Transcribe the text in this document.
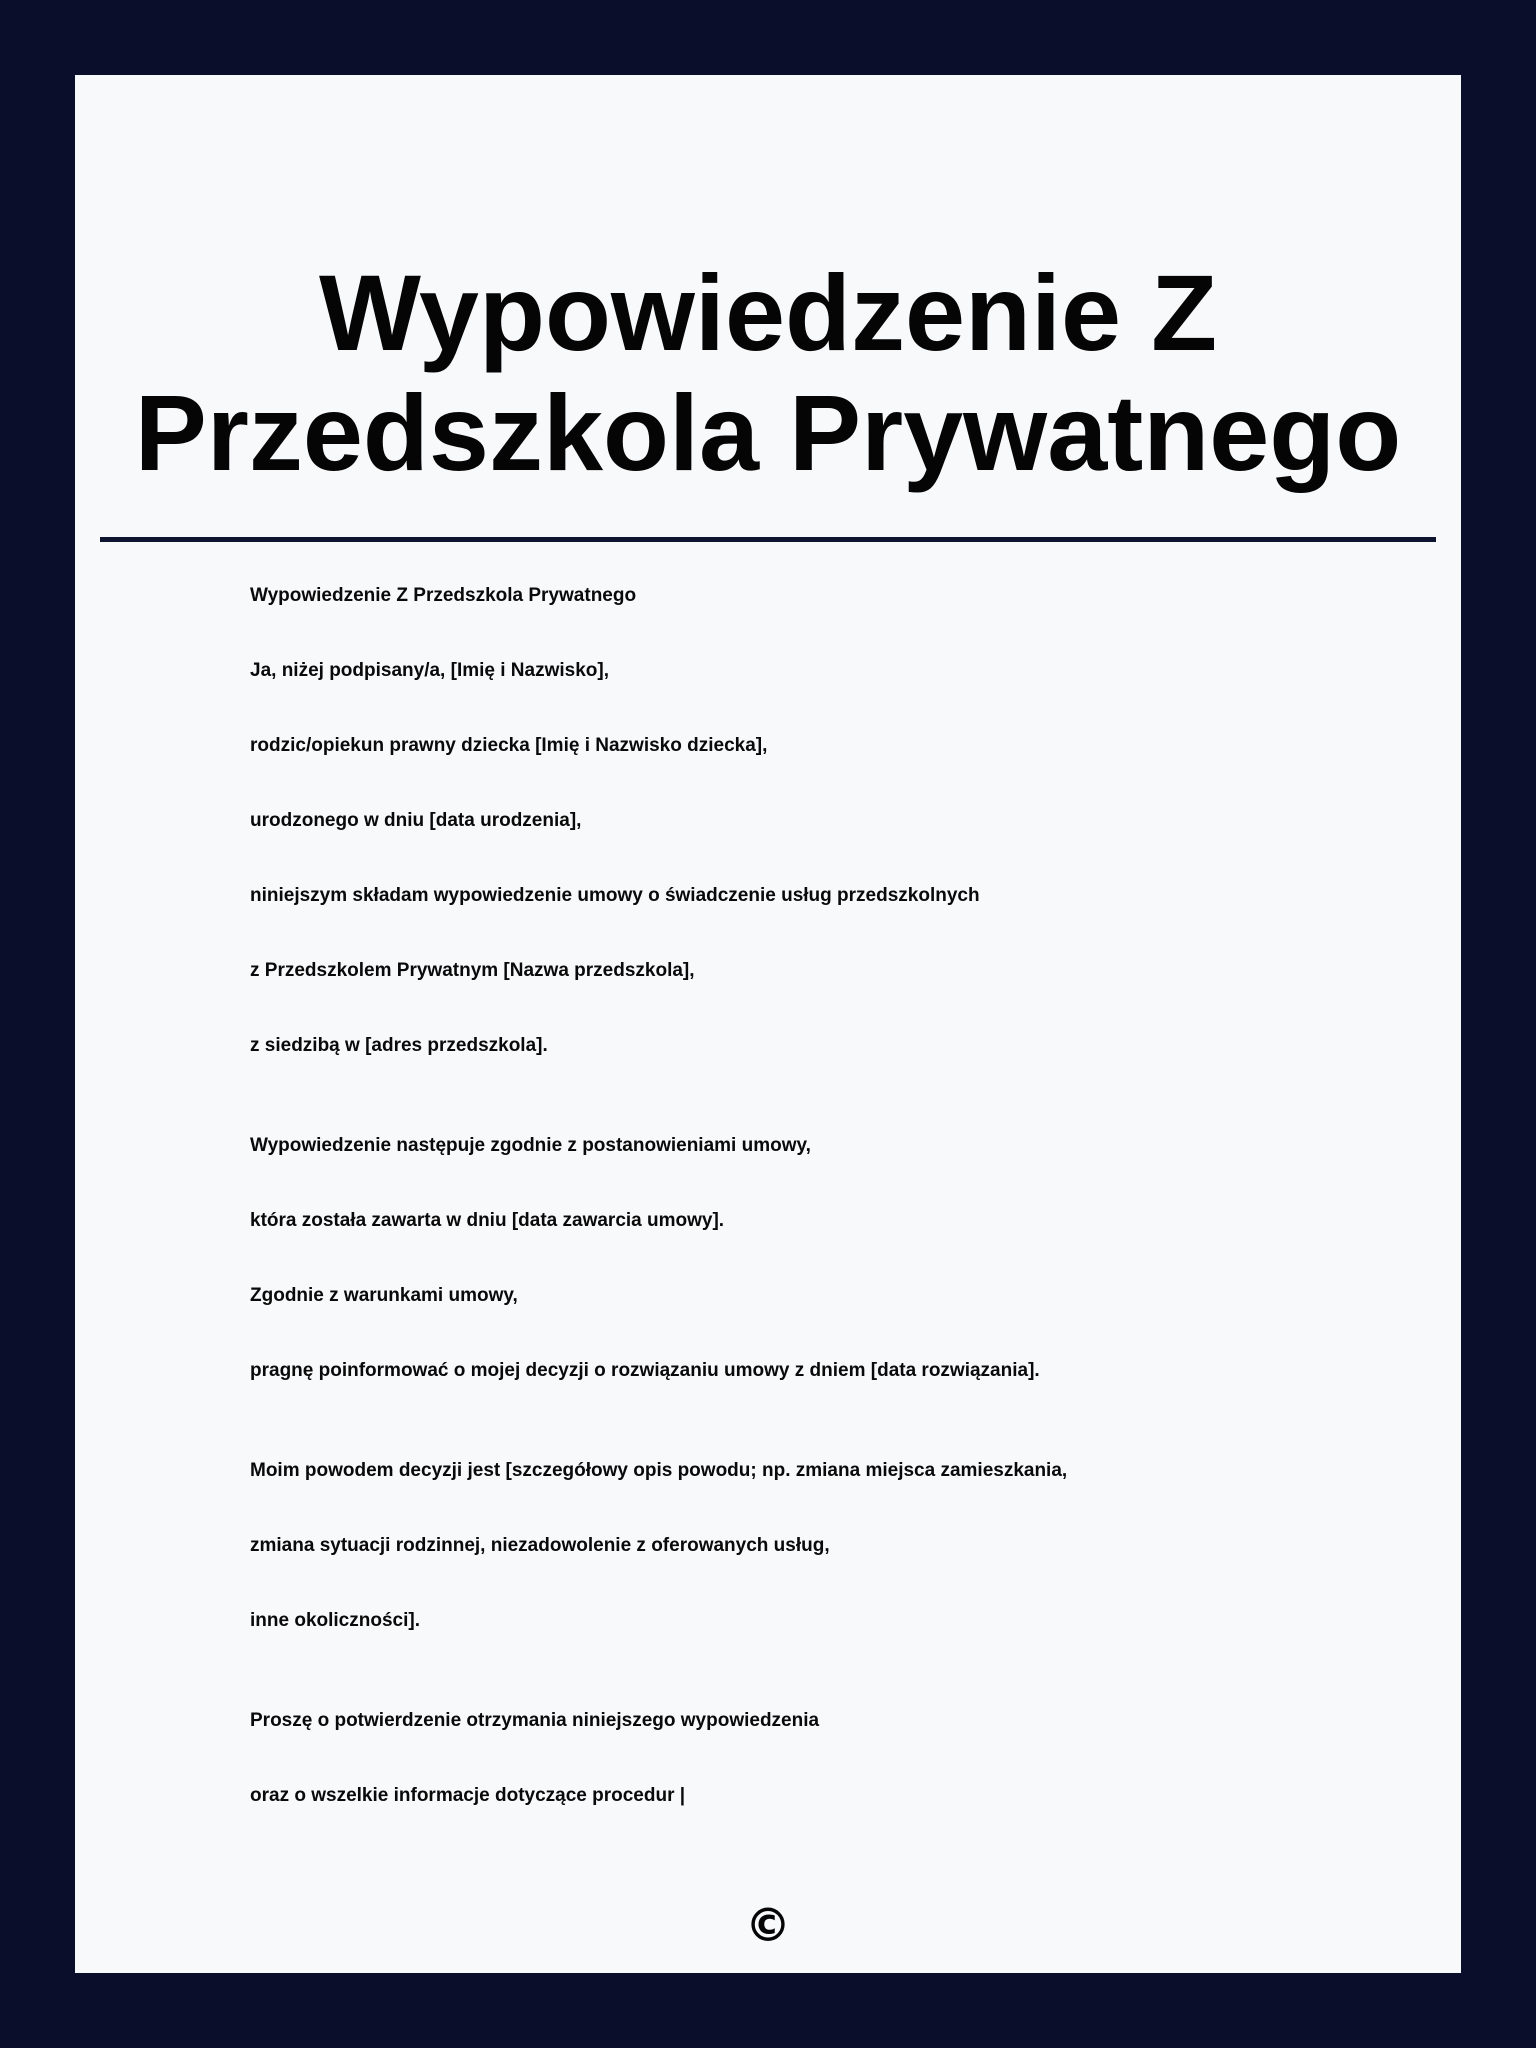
Wypowiedzenie Z
Przedszkola Prywatnego
Wypowiedzenie Z Przedszkola Prywatnego
Ja, niżej podpisany/a, [Imię i Nazwisko],
rodzic/opiekun prawny dziecka [Imię i Nazwisko dziecka],
urodzonego w dniu [data urodzenia],
niniejszym składam wypowiedzenie umowy o świadczenie usług przedszkolnych
z Przedszkolem Prywatnym [Nazwa przedszkola],
z siedzibą w [adres przedszkola].
Wypowiedzenie następuje zgodnie z postanowieniami umowy,
która została zawarta w dniu [data zawarcia umowy].
Zgodnie z warunkami umowy,
pragnę poinformować o mojej decyzji o rozwiązaniu umowy z dniem [data rozwiązania].
Moim powodem decyzji jest [szczegółowy opis powodu; np. zmiana miejsca zamieszkania,
zmiana sytuacji rodzinnej, niezadowolenie z oferowanych usług,
inne okoliczności].
Proszę o potwierdzenie otrzymania niniejszego wypowiedzenia
oraz o wszelkie informacje dotyczące procedur |
©
